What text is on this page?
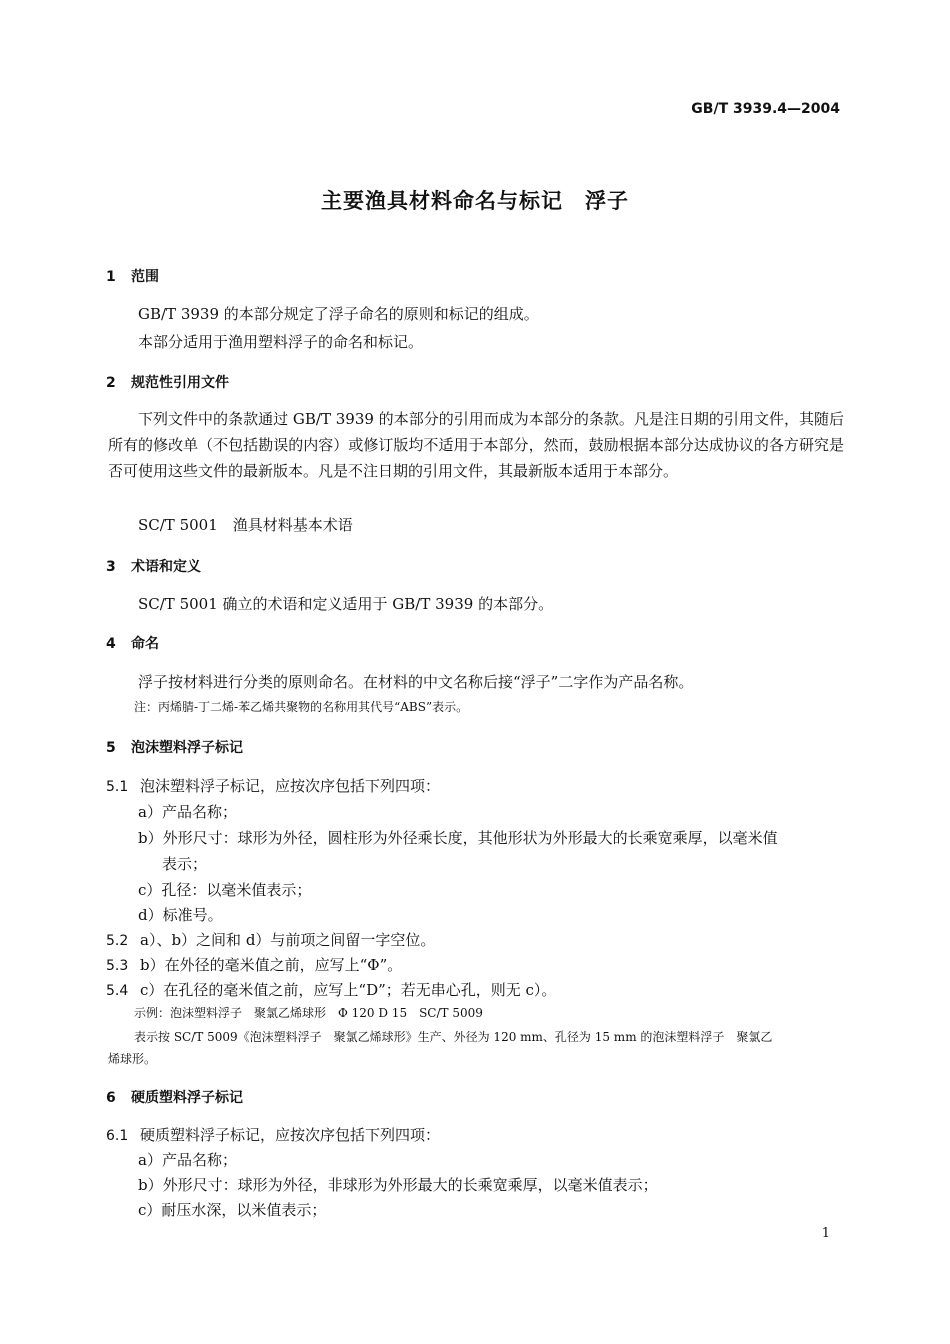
GB/T 3939.4—2004
主要渔具材料命名与标记　浮子
1 范围
GB/T 3939 的本部分规定了浮子命名的原则和标记的组成。
本部分适用于渔用塑料浮子的命名和标记。
2 规范性引用文件
下列文件中的条款通过 GB/T 3939 的本部分的引用而成为本部分的条款。凡是注日期的引用文件，其随后所有的修改单（不包括勘误的内容）或修订版均不适用于本部分，然而，鼓励根据本部分达成协议的各方研究是否可使用这些文件的最新版本。凡是不注日期的引用文件，其最新版本适用于本部分。
SC/T 5001　渔具材料基本术语
3 术语和定义
SC/T 5001 确立的术语和定义适用于 GB/T 3939 的本部分。
4 命名
浮子按材料进行分类的原则命名。在材料的中文名称后接“浮子”二字作为产品名称。
注：丙烯腈-丁二烯-苯乙烯共聚物的名称用其代号“ABS”表示。
5 泡沫塑料浮子标记
5.1 泡沫塑料浮子标记，应按次序包括下列四项：
a）产品名称；
b）外形尺寸：球形为外径，圆柱形为外径乘长度，其他形状为外形最大的长乘宽乘厚，以毫米值
表示；
c）孔径：以毫米值表示；
d）标准号。
5.2 a）、b）之间和 d）与前项之间留一字空位。
5.3 b）在外径的毫米值之前，应写上“Φ”。
5.4 c）在孔径的毫米值之前，应写上“D”；若无串心孔，则无 c）。
示例：泡沫塑料浮子　聚氯乙烯球形　Φ 120 D 15　SC/T 5009
表示按 SC/T 5009《泡沫塑料浮子　聚氯乙烯球形》生产、外径为 120 mm、孔径为 15 mm 的泡沫塑料浮子　聚氯乙
烯球形。
6 硬质塑料浮子标记
6.1 硬质塑料浮子标记，应按次序包括下列四项：
a）产品名称；
b）外形尺寸：球形为外径，非球形为外形最大的长乘宽乘厚，以毫米值表示；
c）耐压水深，以米值表示；
1
